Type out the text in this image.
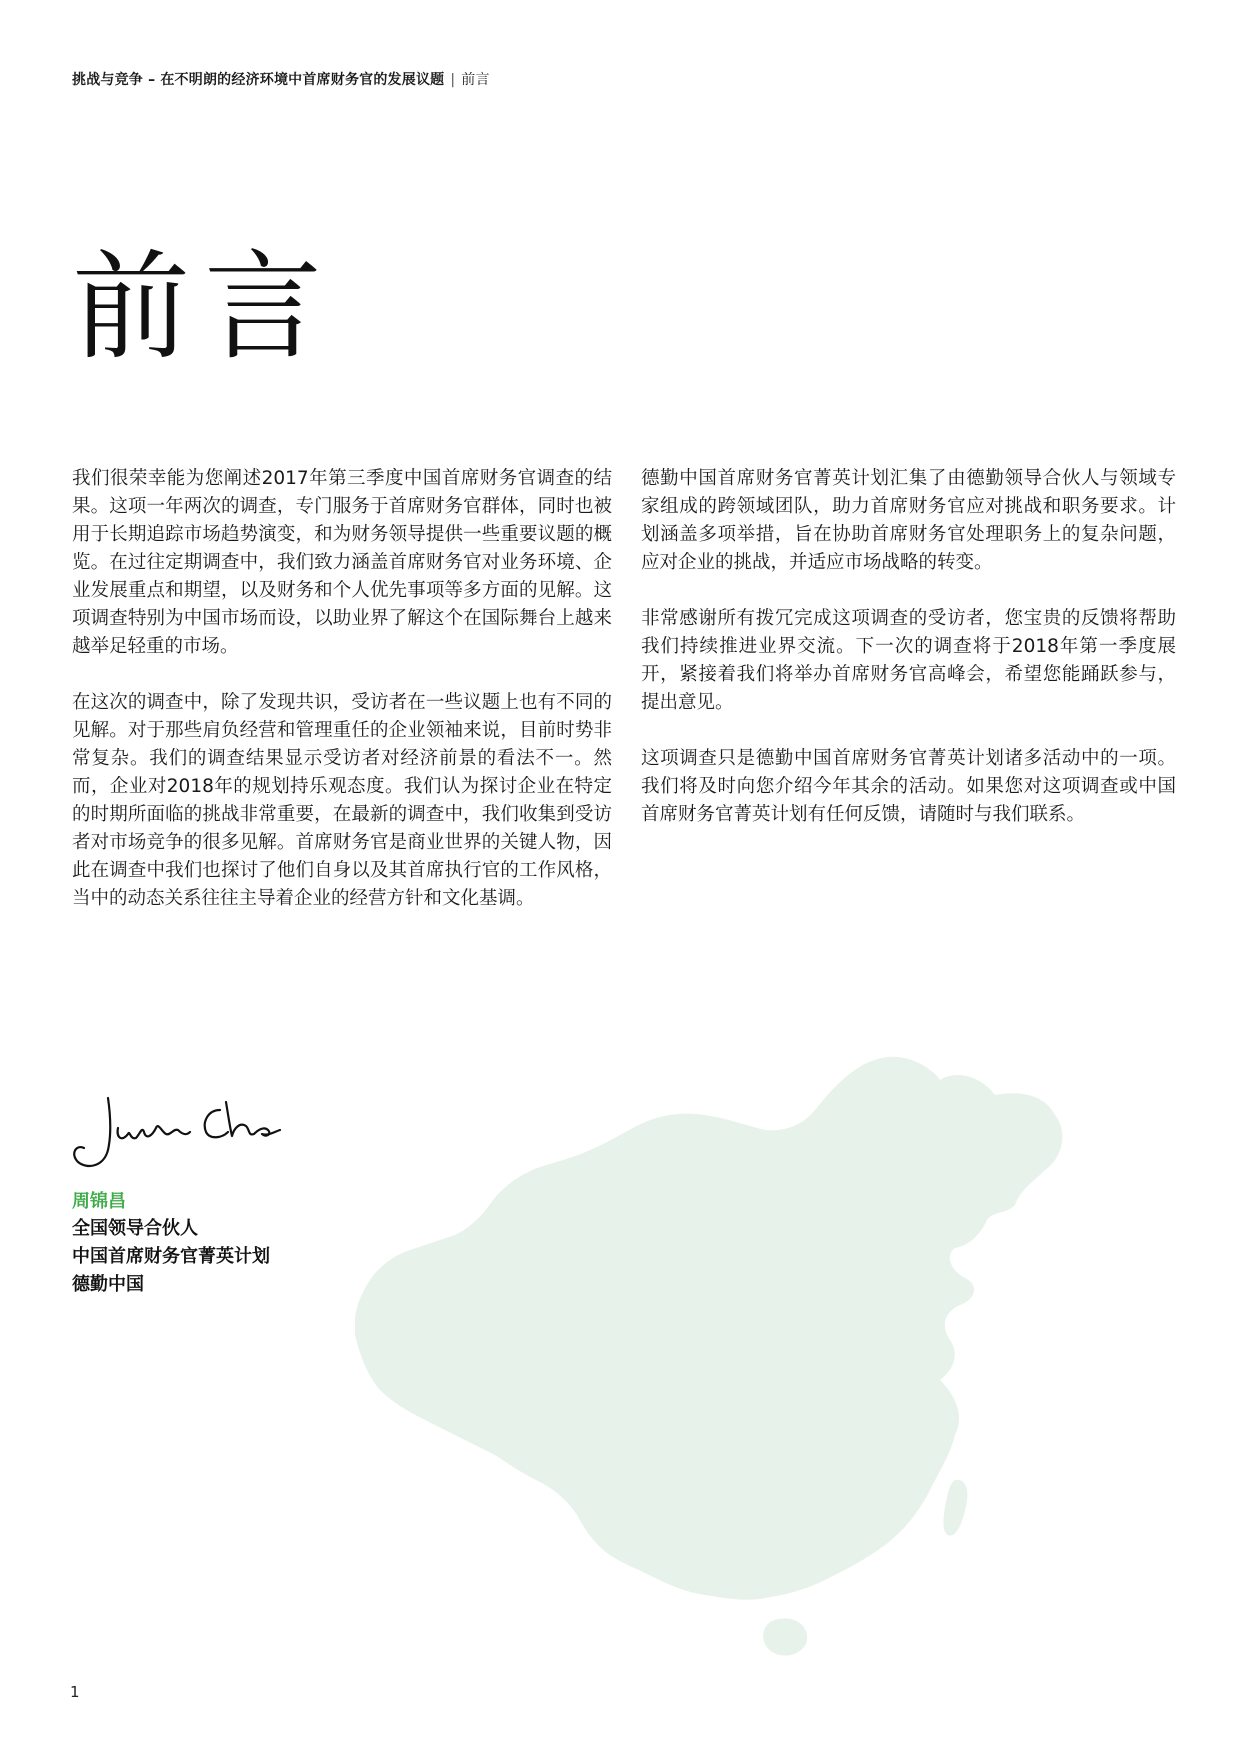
挑战与竞争 – 在不明朗的经济环境中首席财务官的发展议题 | 前言
前言

我们很荣幸能为您阐述2017年第三季度中国首席财务官调查的结果。这项一年两次的调查，专门服务于首席财务官群体，同时也被用于长期追踪市场趋势演变，和为财务领导提供一些重要议题的概览。在过往定期调查中，我们致力涵盖首席财务官对业务环境、企业发展重点和期望，以及财务和个人优先事项等多方面的见解。这项调查特别为中国市场而设，以助业界了解这个在国际舞台上越来越举足轻重的市场。

在这次的调查中，除了发现共识，受访者在一些议题上也有不同的见解。对于那些肩负经营和管理重任的企业领袖来说，目前时势非常复杂。我们的调查结果显示受访者对经济前景的看法不一。然而，企业对2018年的规划持乐观态度。我们认为探讨企业在特定的时期所面临的挑战非常重要，在最新的调查中，我们收集到受访者对市场竞争的很多见解。首席财务官是商业世界的关键人物，因此在调查中我们也探讨了他们自身以及其首席执行官的工作风格，当中的动态关系往往主导着企业的经营方针和文化基调。

德勤中国首席财务官菁英计划汇集了由德勤领导合伙人与领域专家组成的跨领域团队，助力首席财务官应对挑战和职务要求。计划涵盖多项举措，旨在协助首席财务官处理职务上的复杂问题，应对企业的挑战，并适应市场战略的转变。

非常感谢所有拨冗完成这项调查的受访者，您宝贵的反馈将帮助我们持续推进业界交流。下一次的调查将于2018年第一季度展开，紧接着我们将举办首席财务官高峰会，希望您能踊跃参与，提出意见。

这项调查只是德勤中国首席财务官菁英计划诸多活动中的一项。我们将及时向您介绍今年其余的活动。如果您对这项调查或中国首席财务官菁英计划有任何反馈，请随时与我们联系。

周锦昌
全国领导合伙人
中国首席财务官菁英计划
德勤中国
1
